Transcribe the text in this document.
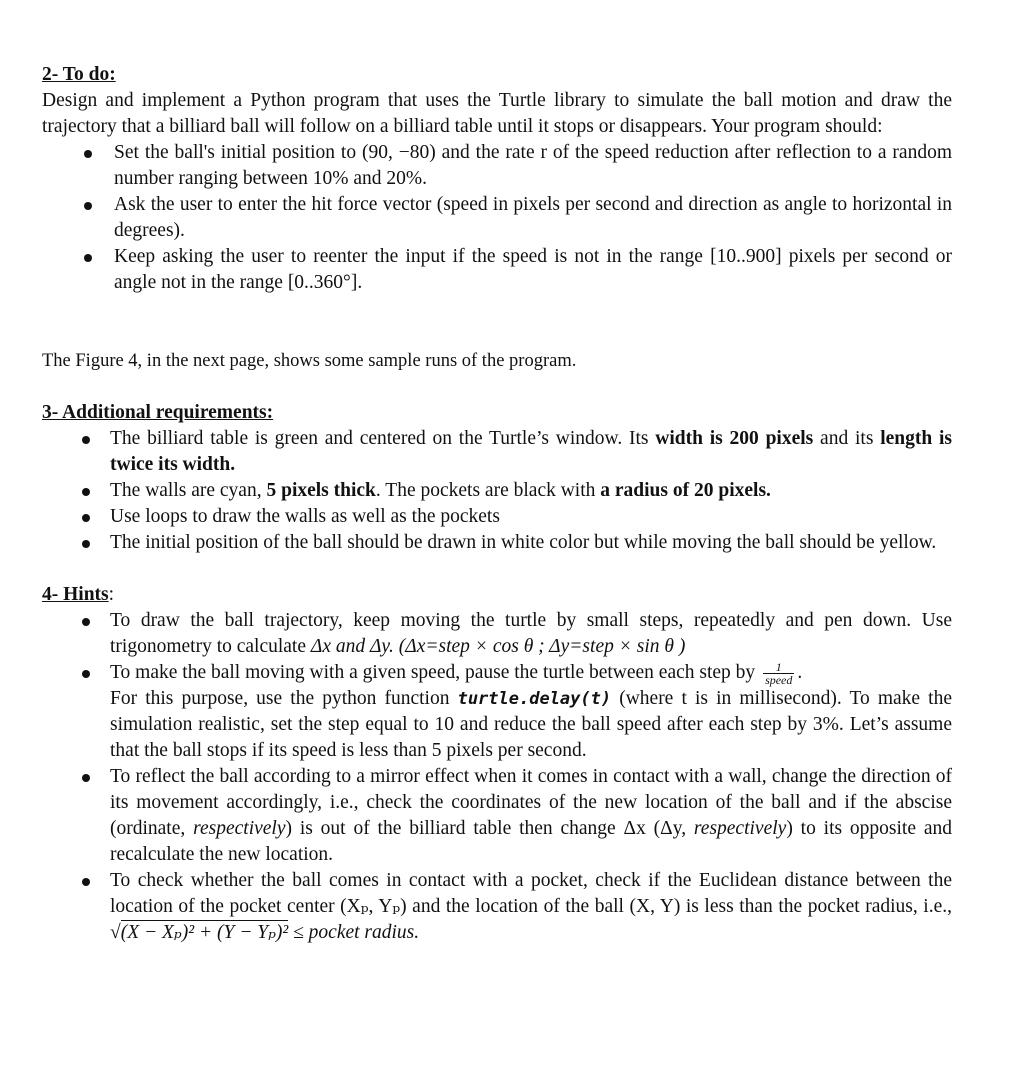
2- To do:

Design and implement a Python program that uses the Turtle library to simulate the ball motion and draw the trajectory that a billiard ball will follow on a billiard table until it stops or disappears. Your program should:

Set the ball's initial position to (90, −80) and the rate r of the speed reduction after reflection to a random number ranging between 10% and 20%.
Ask the user to enter the hit force vector (speed in pixels per second and direction as angle to horizontal in degrees).
Keep asking the user to reenter the input if the speed is not in the range [10..900] pixels per second or angle not in the range [0..360°].

The Figure 4, in the next page, shows some sample runs of the program.

3- Additional requirements:
The billiard table is green and centered on the Turtle’s window. Its width is 200 pixels and its length is twice its width.
The walls are cyan, 5 pixels thick. The pockets are black with a radius of 20 pixels.
Use loops to draw the walls as well as the pockets
The initial position of the ball should be drawn in white color but while moving the ball should be yellow.
4- Hints:
To draw the ball trajectory, keep moving the turtle by small steps, repeatedly and pen down. Use trigonometry to calculate Δx and Δy. (Δx=step × cos θ ; Δy=step × sin θ )
To make the ball moving with a given speed, pause the turtle between each step by $\frac{1}{\text{speed}}$ .
For this purpose, use the python function turtle.delay(t) (where t is in millisecond). To make the simulation realistic, set the step equal to 10 and reduce the ball speed after each step by 3%. Let’s assume that the ball stops if its speed is less than 5 pixels per second.
To reflect the ball according to a mirror effect when it comes in contact with a wall, change the direction of its movement accordingly, i.e., check the coordinates of the new location of the ball and if the abscise (ordinate, respectively) is out of the billiard table then change Δx (Δy, respectively) to its opposite and recalculate the new location.
To check whether the ball comes in contact with a pocket, check if the Euclidean distance between the location of the pocket center (Xₚ, Yₚ) and the location of the ball (X, Y) is less than the pocket radius, i.e., √(X − Xₚ)² + (Y − Yₚ)² ≤ pocket radius.
